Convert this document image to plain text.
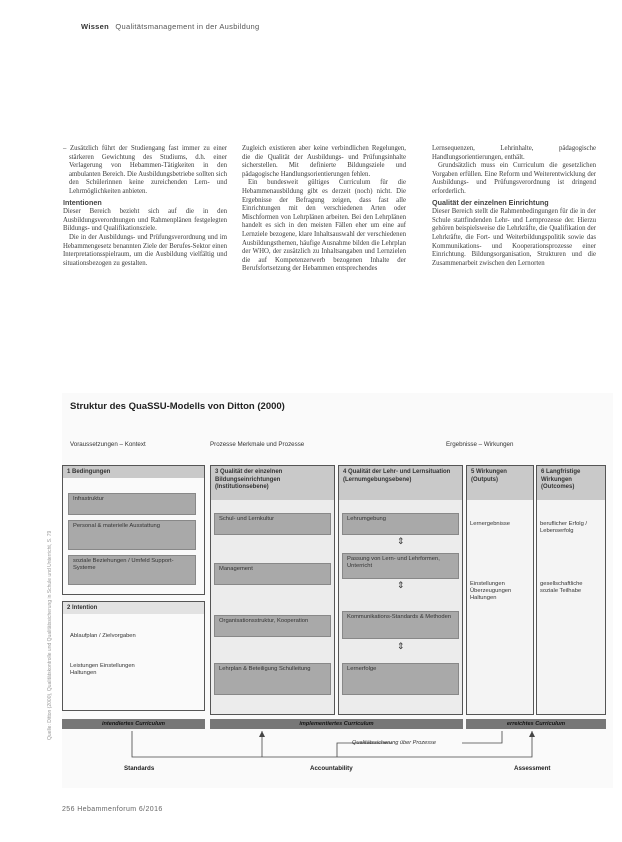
Wissen Qualitätsmanagement in der Ausbildung

– Zusätzlich führt der Studiengang fast immer zu einer stärkeren Gewichtung des Studiums, d.h. einer Verlagerung von Hebammen-Tätigkeiten in den ambulanten Bereich. Die Ausbildungsbetriebe sollten sich den Schülerinnen keine zureichenden Lern- und Lehrmöglichkeiten anbieten.

Intentionen

Dieser Bereich bezieht sich auf die in den Ausbildungsverordnungen und Rahmenplänen festgelegten Bildungs- und Qualifikationsziele.

Die in der Ausbildungs- und Prüfungsverordnung und im Hebammengesetz benannten Ziele der Berufes-Sektor einen Interpretationsspielraum, um die Ausbildung vielfältig und situationsbezogen zu gestalten.

Zugleich existieren aber keine verbindlichen Regelungen, die die Qualität der Ausbildungs- und Prüfungsinhalte sicherstellen. Mit definierte Bildungsziele und pädagogische Handlungsorientierungen fehlen.

Ein bundesweit gültiges Curriculum für die Hebammenausbildung gibt es derzeit (noch) nicht. Die Ergebnisse der Befragung zeigen, dass fast alle Einrichtungen mit den verschiedenen Arten oder Mischformen von Lehrplänen arbeiten. Bei den Lehrplänen handelt es sich in den meisten Fällen eher um eine auf Lernziele bezogene, klare Inhaltsauswahl der verschiedenen Ausbildungsthemen, häufige Ausnahme bilden die Lehrplan der WHO, der zusätzlich zu Inhaltsangaben und Lernzielen die auf Kompetenzerwerb bezogenen Inhalte der Berufsfortsetzung der Hebammen entsprechendes

Lernsequenzen, Lehrinhalte, pädagogische Handlungsorientierungen, enthält.

Grundsätzlich muss ein Curriculum die gesetzlichen Vorgaben erfüllen. Eine Reform und Weiterentwicklung der Ausbildungs- und Prüfungsverordnung ist dringend erforderlich.

Qualität der einzelnen Einrichtung

Dieser Bereich stellt die Rahmenbedingungen für die in der Schule stattfindenden Lehr- und Lernprozesse der. Hierzu gehören beispielsweise die Lehrkräfte, die Qualifikation der Lehrkräfte, die Fort- und Weiterbildungspolitik sowie das Kommunikations- und Kooperationsprozesse einer Einrichtung. Bildungsorganisation, Strukturen und die Zusammenarbeit zwischen den Lernorten

Quelle: Ditton (2000), Qualitätskontrolle und Qualitätssicherung in Schule und Unterricht, S. 79
Struktur des QuaSSU-Modells von Ditton (2000)
Voraussetzungen – Kontext	Prozesse Merkmale und Prozesse	Ergebnisse – Wirkungen
1 Bedingungen
Infrastruktur
Personal & materielle Ausstattung
soziale Beziehungen / Umfeld Support-Systeme
2 Intention
Ablaufplan / Zielvorgaben
Leistungen Einstellungen Haltungen
3 Qualität der einzelnen Bildungseinrichtungen (Institutionsebene)
Schul- und Lernkultur
Management
Organisationsstruktur, Kooperation
Lehrplan & Beteiligung Schulleitung
4 Qualität der Lehr- und Lernsituation (Lernumgebungsebene)
Lehrumgebung
⇕
Passung von Lern- und Lehrformen, Unterricht
⇕
Kommunikations-Standards & Methoden
⇕
Lernerfolge
5 Wirkungen (Outputs)
Lernergebnisse
Einstellungen Überzeugungen Haltungen
6 Langfristige Wirkungen (Outcomes)
beruflicher Erfolg / Lebenserfolg
gesellschaftliche soziale Teilhabe
intendiertes Curriculum	implementiertes Curriculum	erreichtes Curriculum
Qualitätssicherung über Prozesse
Standards	Accountability	Assessment
256 Hebammenforum 6/2016
